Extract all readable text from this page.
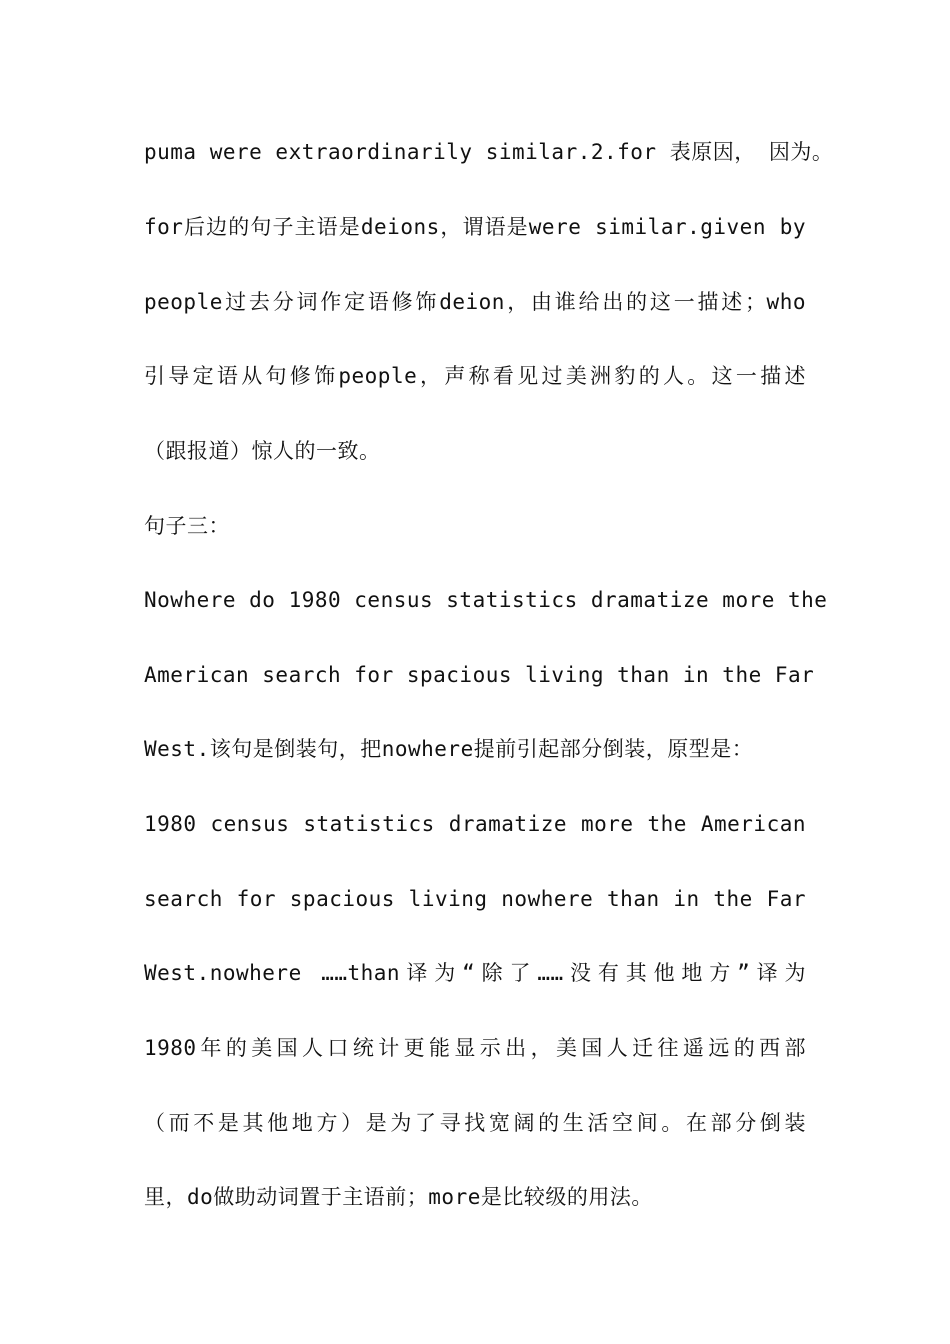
puma were extraordinarily similar.2.for 表原因， 因为。
for后边的句子主语是deions，谓语是were similar.given by
people过去分词作定语修饰deion，由谁给出的这一描述；who
引导定语从句修饰people，声称看见过美洲豹的人。这一描述
（跟报道）惊人的一致。
句子三：
Nowhere do 1980 census statistics dramatize more the
American search for spacious living than in the Far
West.该句是倒装句，把nowhere提前引起部分倒装，原型是：
1980 census statistics dramatize more the American
search for spacious living nowhere than in the Far
West.nowhere ……than译为“除了……没有其他地方”译为
1980年的美国人口统计更能显示出，美国人迁往遥远的西部
（而不是其他地方）是为了寻找宽阔的生活空间。在部分倒装
里，do做助动词置于主语前；more是比较级的用法。
